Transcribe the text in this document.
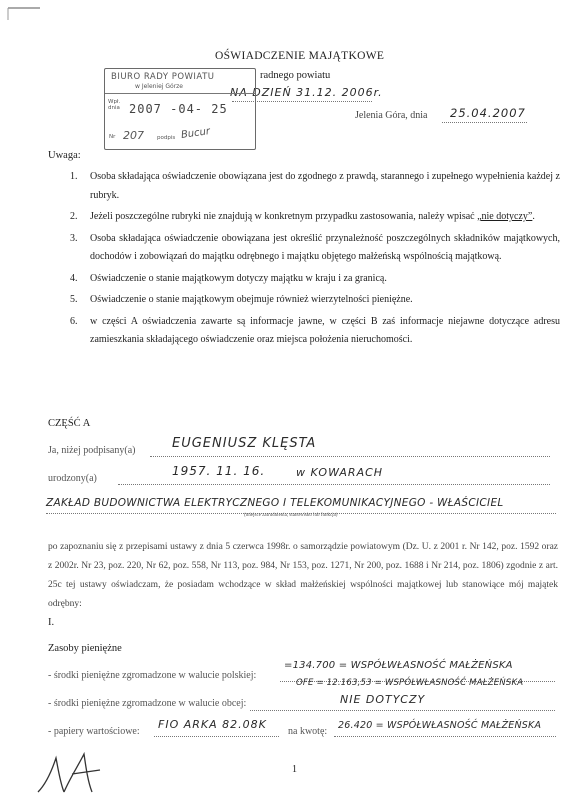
OŚWIADCZENIE MAJĄTKOWE
radnego powiatu
NA DZIEŃ 31.12. 2006r.
Jelenia Góra, dnia 25.04.2007
BIURO RADY POWIATU
w Jeleniej Górze
Wpł. dnia 2007 -04- 25
Nr 207 podpis Bucur
Uwaga:
1. Osoba składająca oświadczenie obowiązana jest do zgodnego z prawdą, starannego i zupełnego wypełnienia każdej z rubryk.
2. Jeżeli poszczególne rubryki nie znajdują w konkretnym przypadku zastosowania, należy wpisać „nie dotyczy”.
3. Osoba składająca oświadczenie obowiązana jest określić przynależność poszczególnych składników majątkowych, dochodów i zobowiązań do majątku odrębnego i majątku objętego małżeńską wspólnością majątkową.
4. Oświadczenie o stanie majątkowym dotyczy majątku w kraju i za granicą.
5. Oświadczenie o stanie majątkowym obejmuje również wierzytelności pieniężne.
6. w części A oświadczenia zawarte są informacje jawne, w części B zaś informacje niejawne dotyczące adresu zamieszkania składającego oświadczenie oraz miejsca położenia nieruchomości.
CZĘŚĆ A
Ja, niżej podpisany(a)	EUGENIUSZ KLĘSTA
urodzony(a)
1957. 11. 16.	w KOWARACH
ZAKŁAD BUDOWNICTWA ELEKTRYCZNEGO I TELEKOMUNIKACYJNEGO - WŁAŚCICIEL
(miejsce zatrudnienia, stanowisko lub funkcja)
po zapoznaniu się z przepisami ustawy z dnia 5 czerwca 1998r. o samorządzie powiatowym (Dz. U. z 2001 r. Nr 142, poz. 1592 oraz z 2002r. Nr 23, poz. 220, Nr 62, poz. 558, Nr 113, poz. 984, Nr 153, poz. 1271, Nr 200, poz. 1688 i Nr 214, poz. 1806) zgodnie z art. 25c tej ustawy oświadczam, że posiadam wchodzące w skład małżeńskiej wspólności majątkowej lub stanowiące mój majątek odrębny:
I.
Zasoby pieniężne
- środki pieniężne zgromadzone w walucie polskiej:
=134.700 = WSPÓŁWŁASNOŚĆ MAŁŻEŃSKA
OFE = 12.163,53 = WSPÓŁWŁASNOŚĆ MAŁŻEŃSKA
- środki pieniężne zgromadzone w walucie obcej:	NIE DOTYCZY
- papiery wartościowe:
FIO ARKA 82.08K
na kwotę:
26.420 = WSPÓŁWŁASNOŚĆ MAŁŻEŃSKA
1
